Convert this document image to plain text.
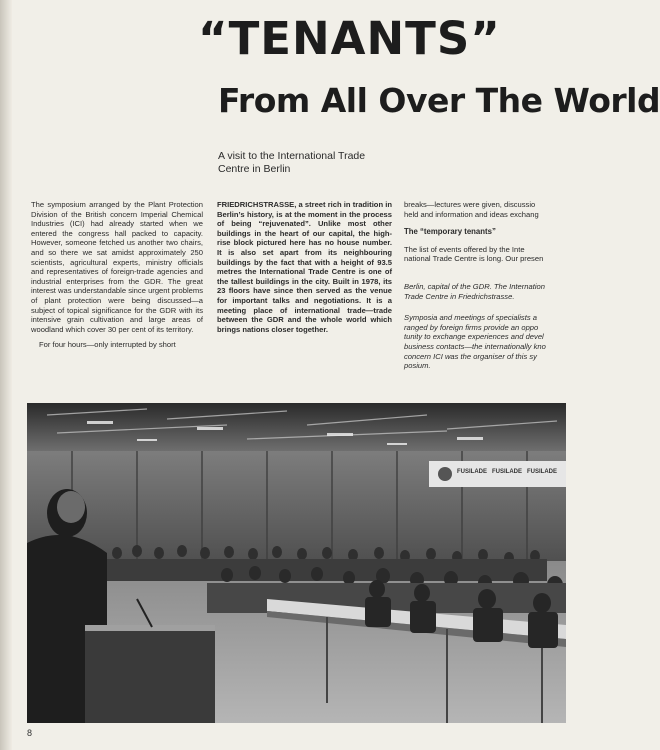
“TENANTS”
From All Over The World
A visit to the International Trade Centre in Berlin

The symposium arranged by the Plant Protection Division of the British concern Imperial Chemical Industries (ICI) had already started when we entered the congress hall packed to capacity. However, someone fetched us another two chairs, and so there we sat amidst approximately 250 scientists, agricultural experts, ministry officials and representatives of foreign-trade agencies and industrial enterprises from the GDR. The great interest was understandable since urgent problems of plant protection were being discussed—a subject of topical significance for the GDR with its intensive grain cultivation and large areas of woodland which cover 30 per cent of its territory.

For four hours—only interrupted by short

FRIEDRICHSTRASSE, a street rich in tradition in Berlin’s history, is at the moment in the process of being “rejuvenated”. Unlike most other buildings in the heart of our capital, the high-rise block pictured here has no house number. It is also set apart from its neighbouring buildings by the fact that with a height of 93.5 metres the International Trade Centre is one of the tallest buildings in the city. Built in 1978, its 23 floors have since then served as the venue for important talks and negotiations. It is a meeting place of international trade—trade between the GDR and the whole world which brings nations closer together.

breaks—lectures were given, discussio
held and information and ideas exchang
The “temporary tenants”
The list of events offered by the Inte
national Trade Centre is long. Our presen
Berlin, capital of the GDR. The Internation
Trade Centre in Friedrichstrasse.
Symposia and meetings of specialists a
ranged by foreign firms provide an oppo
tunity to exchange experiences and devel
business contacts—the internationally kno
concern ICI was the organiser of this sy
posium.
FUSILADE FUSILADE FUSILADE
8
